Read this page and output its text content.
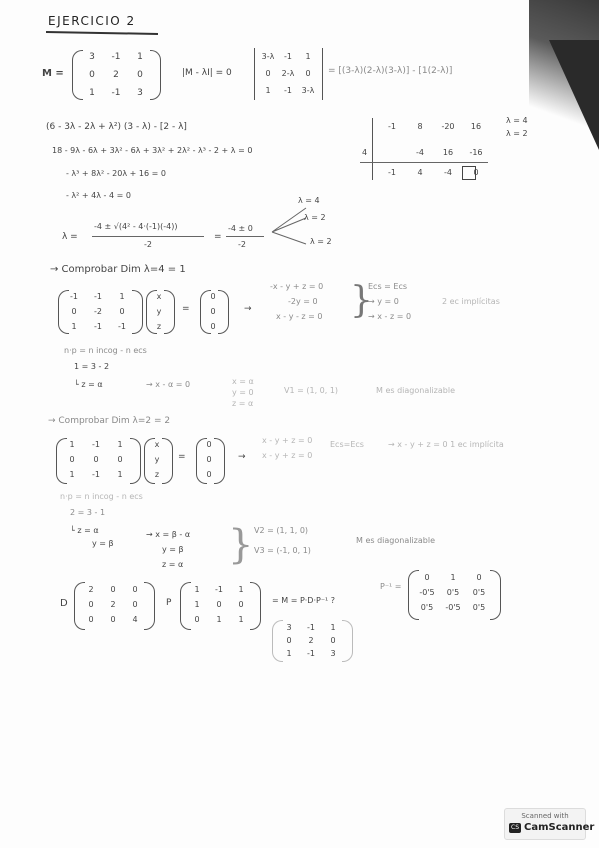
EJERCICIO 2
M =
3	-1	1
0	2	0
1	-1	3
|M - λI| = 0
3-λ	-1	1
0	2-λ	0
1	-1	3-λ
= [(3-λ)(2-λ)(3-λ)] - [1(2-λ)]
(6 - 3λ - 2λ + λ²) (3 - λ) - [2 - λ]
18 - 9λ - 6λ + 3λ² - 6λ + 3λ² + 2λ² - λ³ - 2 + λ = 0
- λ³ + 8λ² - 20λ + 16 = 0
- λ² + 4λ - 4 = 0
-1	8	-20	16
4	-4	16	-16
-1	4	-4	0
λ = 4
λ = 2
λ =
-4 ± √(4² - 4·(-1)(-4))
-2
=
-4 ± 0
-2
λ = 4
λ = 2
λ = 2
→ Comprobar Dim λ=4 = 1
-1	-1	1
0	-2	0
1	-1	-1
x
y
z
=
0
0
0
→
-x - y + z = 0
-2y = 0
x - y - z = 0 }
Ecs = Ecs
→ y = 0
→ x - z = 0
2 ec implícitas
n·p = n incog - n ecs
1 = 3 - 2
└ z = α	→ x - α = 0	x = α
y = 0
z = α
V1 = (1, 0, 1)	M es diagonalizable
→ Comprobar Dim λ=2 = 2
1	-1	1
0	0	0
1	-1	1
x
y
z
=
0
0
0
→
x - y + z = 0
x - y + z = 0
Ecs=Ecs	→ x - y + z = 0 1 ec implícita
n·p = n incog - n ecs
2 = 3 - 1
└ z = α
y = β
→ x = β - α
y = β
z = α } V2 = (1, 1, 0)
V3 = (-1, 0, 1)
M es diagonalizable
D
2	0	0
0	2	0
0	0	4
P
1	-1	1
1	0	0
0	1	1
= M = P·D·P⁻¹ ?
P⁻¹ =
0	1	0
-0'5	0'5	0'5
0'5	-0'5	0'5
3	-1	1
0	2	0
1	-1	3
Scanned with
CS CamScanner
